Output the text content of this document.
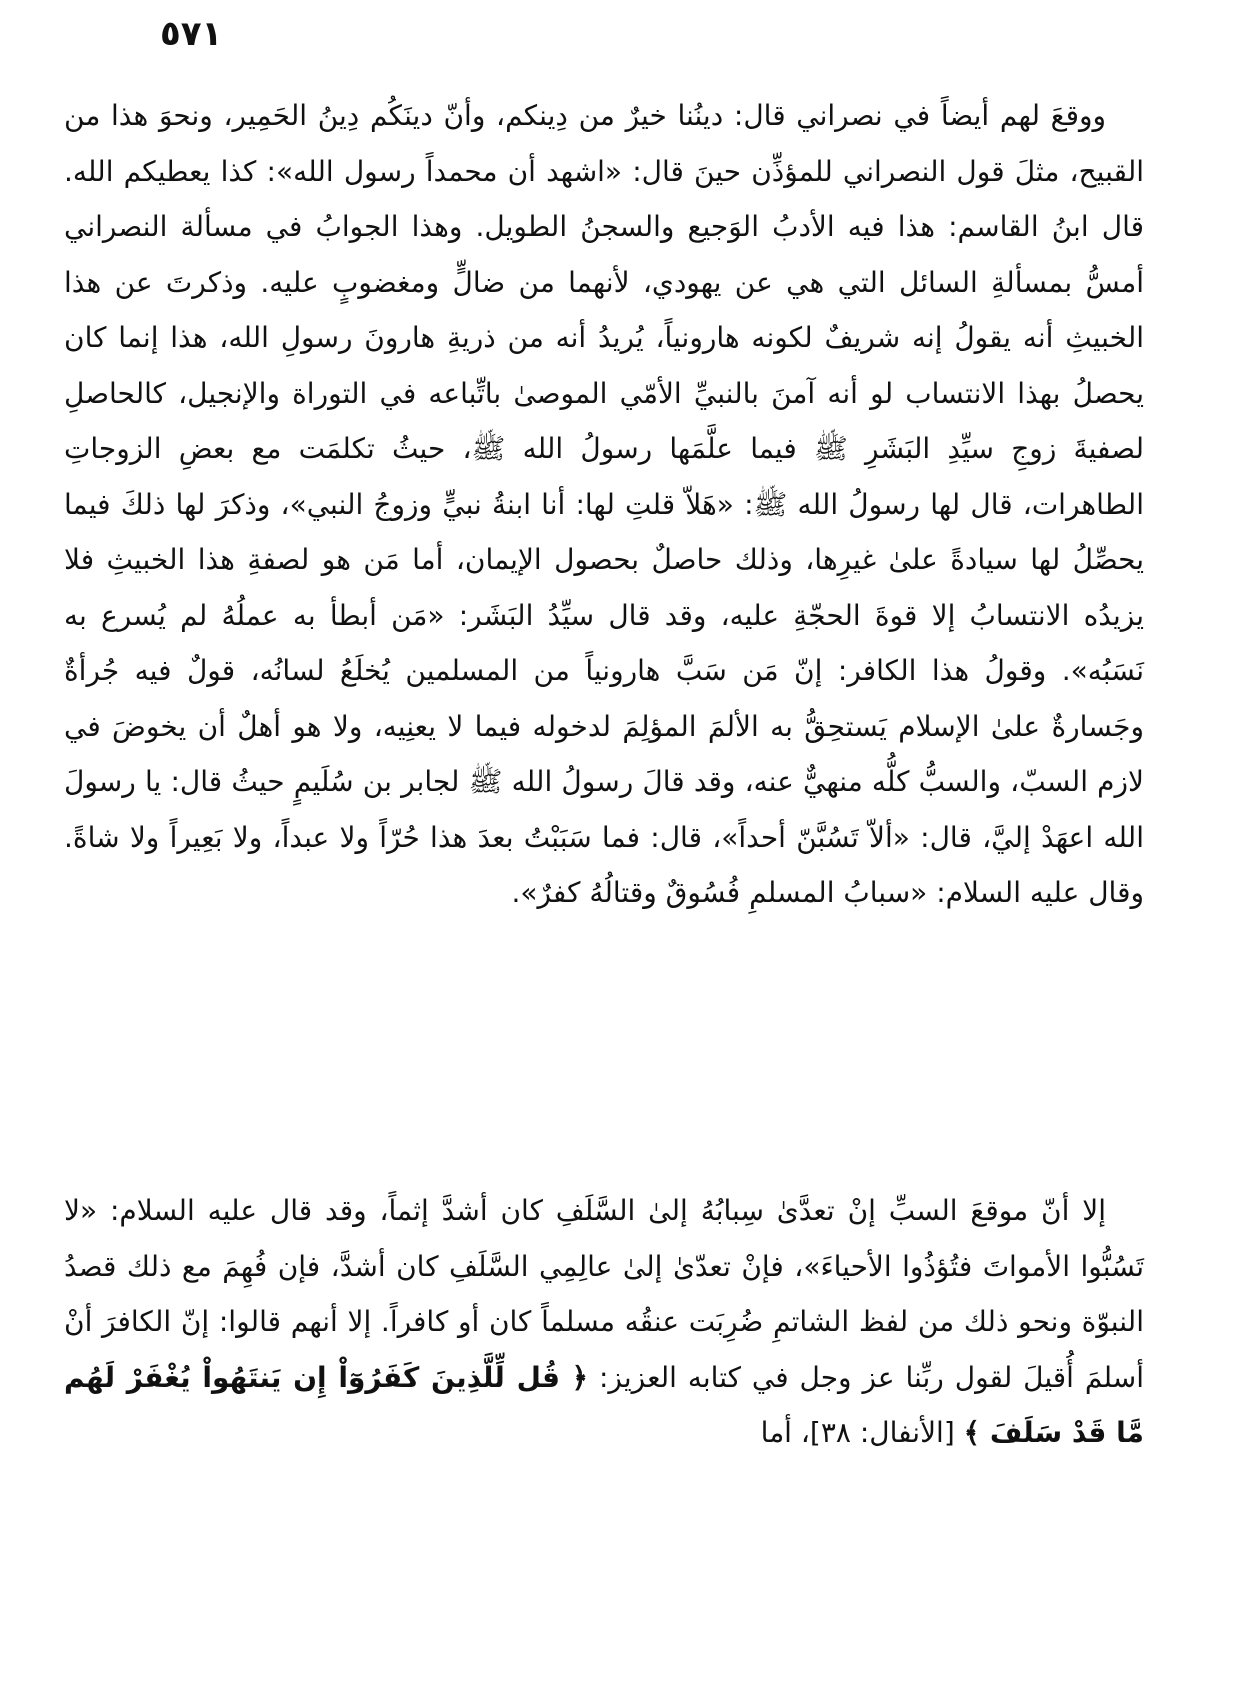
٥٧١

ووقعَ لهم أيضاً في نصراني قال: دينُنا خيرٌ من دِينكم، وأنّ دينَكُم دِينُ الحَمِير، ونحوَ هذا من القبيح، مثلَ قول النصراني للمؤذِّن حينَ قال: «اشهد أن محمداً رسول الله»: كذا يعطيكم الله. قال ابنُ القاسم: هذا فيه الأدبُ الوَجيع والسجنُ الطويل. وهذا الجوابُ في مسألة النصراني أمسُّ بمسألةِ السائل التي هي عن يهودي، لأنهما من ضالٍّ ومغضوبٍ عليه. وذكرتَ عن هذا الخبيثِ أنه يقولُ إنه شريفٌ لكونه هارونياً، يُريدُ أنه من ذريةِ هارونَ رسولِ الله، هذا إنما كان يحصلُ بهذا الانتساب لو أنه آمنَ بالنبيِّ الأمّي الموصىٰ باتِّباعه في التوراة والإنجيل، كالحاصلِ لصفيةَ زوجِ سيِّدِ البَشَرِ ﷺ فيما علَّمَها رسولُ الله ﷺ، حيثُ تكلمَت مع بعضِ الزوجاتِ الطاهرات، قال لها رسولُ الله ﷺ: «هَلاّ قلتِ لها: أنا ابنةُ نبيٍّ وزوجُ النبي»، وذكرَ لها ذلكَ فيما يحصِّلُ لها سيادةً علىٰ غيرِها، وذلك حاصلٌ بحصول الإيمان، أما مَن هو لصفةِ هذا الخبيثِ فلا يزيدُه الانتسابُ إلا قوةَ الحجّةِ عليه، وقد قال سيِّدُ البَشَر: «مَن أبطأ به عملُهُ لم يُسرع به نَسَبُه». وقولُ هذا الكافر: إنّ مَن سَبَّ هارونياً من المسلمين يُخلَعُ لسانُه، قولٌ فيه جُرأةٌ وجَسارةٌ علىٰ الإسلام يَستحِقُّ به الألمَ المؤلِمَ لدخوله فيما لا يعنِيه، ولا هو أهلٌ أن يخوضَ في لازم السبّ، والسبُّ كلُّه منهيٌّ عنه، وقد قالَ رسولُ الله ﷺ لجابر بن سُلَيمٍ حيثُ قال: يا رسولَ الله اعهَدْ إليَّ، قال: «ألاّ تَسُبَّنّ أحداً»، قال: فما سَبَبْتُ بعدَ هذا حُرّاً ولا عبداً، ولا بَعِيراً ولا شاةً. وقال عليه السلام: «سبابُ المسلمِ فُسُوقٌ وقتالُهُ كفرٌ».

إلا أنّ موقعَ السبِّ إنْ تعدَّىٰ سِبابُهُ إلىٰ السَّلَفِ كان أشدَّ إثماً، وقد قال عليه السلام: «لا تَسُبُّوا الأمواتَ فتُؤذُوا الأحياءَ»، فإنْ تعدّىٰ إلىٰ عالِمِي السَّلَفِ كان أشدَّ، فإن فُهِمَ مع ذلك قصدُ النبوّة ونحو ذلك من لفظ الشاتمِ ضُرِبَت عنقُه مسلماً كان أو كافراً. إلا أنهم قالوا: إنّ الكافرَ أنْ أسلمَ أُقيلَ لقول ربِّنا عز وجل في كتابه العزيز: ﴿ قُل لِّلَّذِينَ كَفَرُوٓاْ إِن يَنتَهُواْ يُغْفَرْ لَهُم مَّا قَدْ سَلَفَ ﴾ [الأنفال: ٣٨]، أما
